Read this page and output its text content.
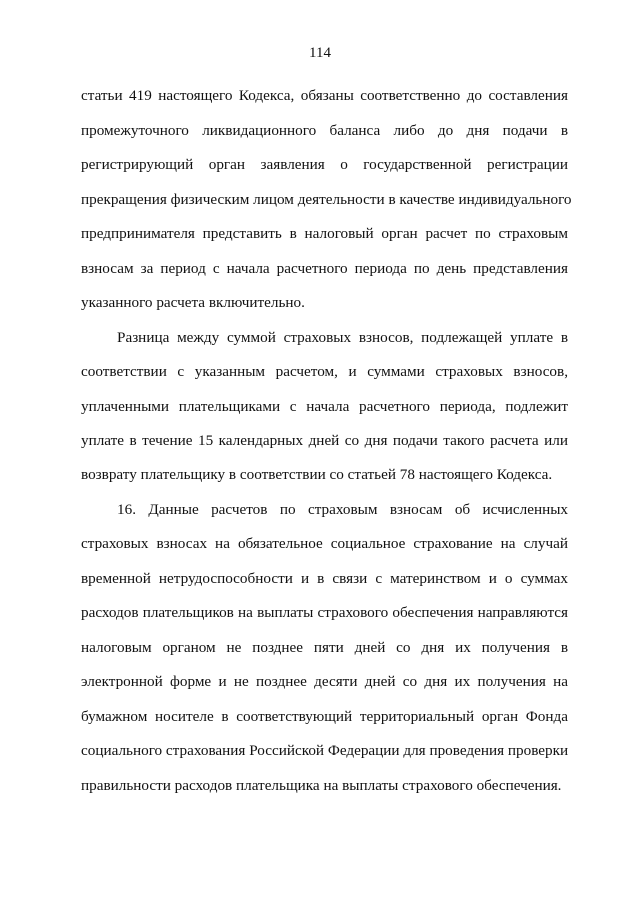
114
статьи 419 настоящего Кодекса, обязаны соответственно до составления
промежуточного ликвидационного баланса либо до дня подачи в
регистрирующий орган заявления о государственной регистрации
прекращения физическим лицом деятельности в качестве индивидуального
предпринимателя представить в налоговый орган расчет по страховым
взносам за период с начала расчетного периода по день представления
указанного расчета включительно.
Разница между суммой страховых взносов, подлежащей уплате в
соответствии с указанным расчетом, и суммами страховых взносов,
уплаченными плательщиками с начала расчетного периода, подлежит
уплате в течение 15 календарных дней со дня подачи такого расчета или
возврату плательщику в соответствии со статьей 78 настоящего Кодекса.
16. Данные расчетов по страховым взносам об исчисленных
страховых взносах на обязательное социальное страхование на случай
временной нетрудоспособности и в связи с материнством и о суммах
расходов плательщиков на выплаты страхового обеспечения направляются
налоговым органом не позднее пяти дней со дня их получения в
электронной форме и не позднее десяти дней со дня их получения на
бумажном носителе в соответствующий территориальный орган Фонда
социального страхования Российской Федерации для проведения проверки
правильности расходов плательщика на выплаты страхового обеспечения.
